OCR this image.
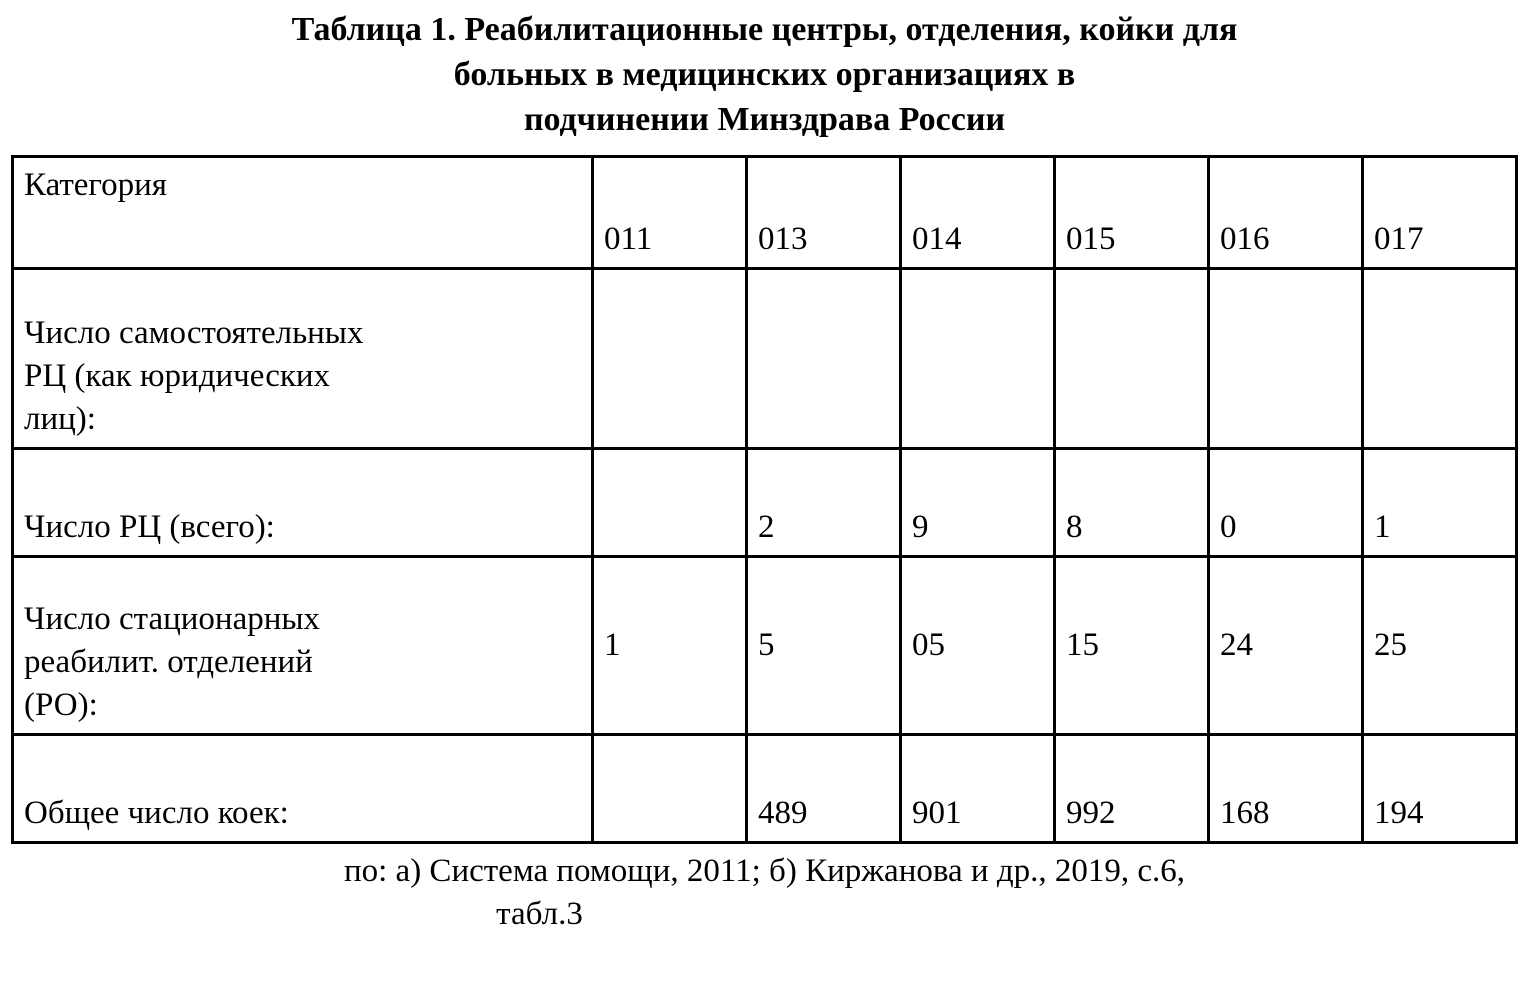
Таблица 1. Реабилитационные центры, отделения, койки для
больных в медицинских организациях в
подчинении Минздрава России
Категория	011	013	014	015	016	017

Число самостоятельных
РЦ (как юридических
лиц):						

Число РЦ (всего):		2	9	8	0	1

Число стационарных
реабилит. отделений
(РО):	1	5	05	15	24	25

Общее число коек:		489	901	992	168	194
по: а) Система помощи, 2011; б) Киржанова и др., 2019, с.6,
табл.3
